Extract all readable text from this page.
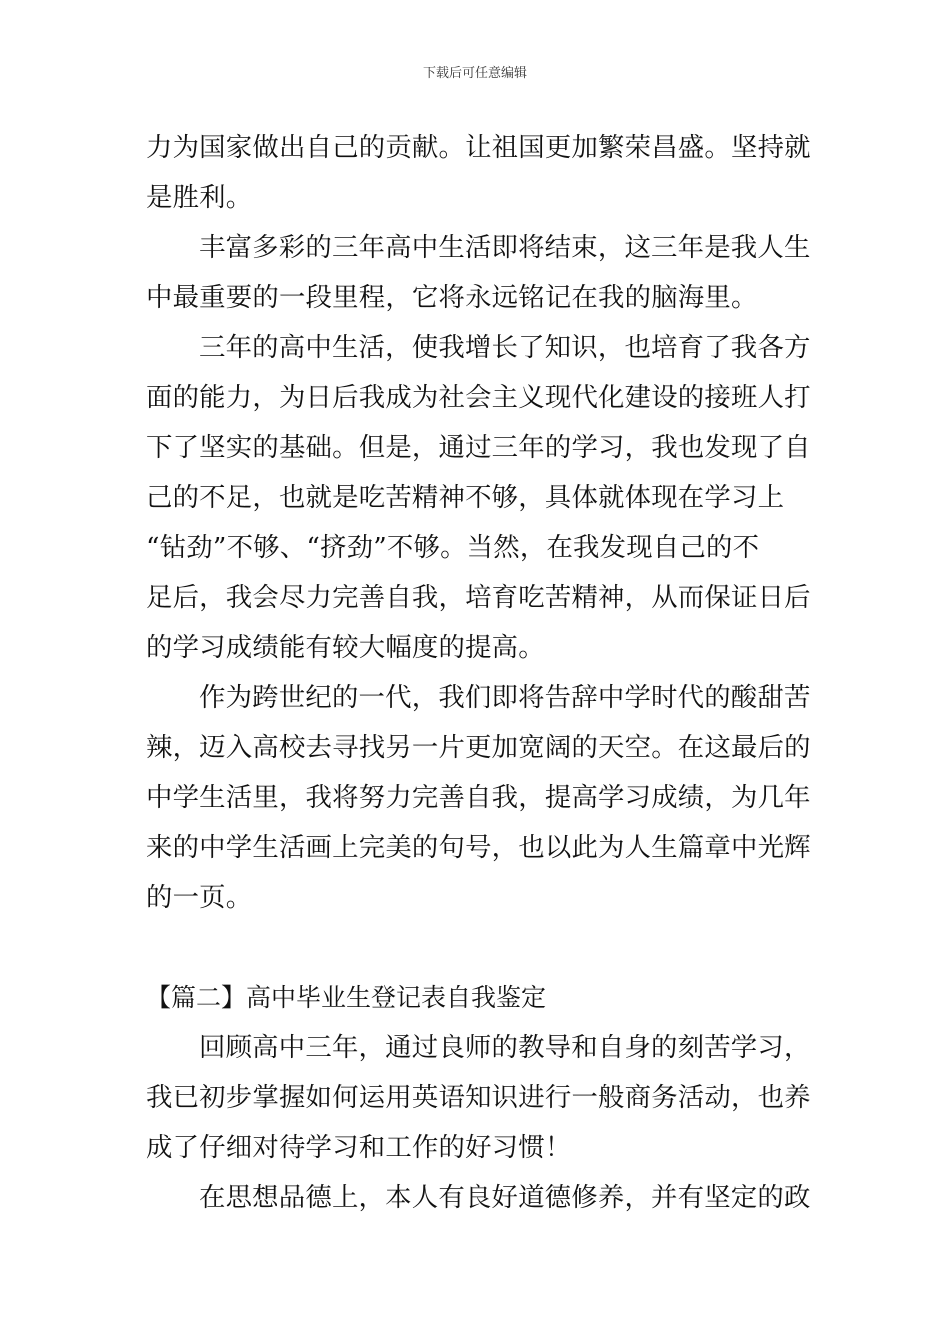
下载后可任意编辑

力为国家做出自己的贡献。让祖国更加繁荣昌盛。坚持就
是胜利。

丰富多彩的三年高中生活即将结束，这三年是我人生
中最重要的一段里程，它将永远铭记在我的脑海里。

三年的高中生活，使我增长了知识，也培育了我各方
面的能力，为日后我成为社会主义现代化建设的接班人打
下了坚实的基础。但是，通过三年的学习，我也发现了自
己的不足，也就是吃苦精神不够，具体就体现在学习上
“钻劲”不够、“挤劲”不够。当然，在我发现自己的不
足后，我会尽力完善自我，培育吃苦精神，从而保证日后
的学习成绩能有较大幅度的提高。

作为跨世纪的一代，我们即将告辞中学时代的酸甜苦
辣，迈入高校去寻找另一片更加宽阔的天空。在这最后的
中学生活里，我将努力完善自我，提高学习成绩，为几年
来的中学生活画上完美的句号，也以此为人生篇章中光辉
的一页。

【篇二】高中毕业生登记表自我鉴定

回顾高中三年，通过良师的教导和自身的刻苦学习，
我已初步掌握如何运用英语知识进行一般商务活动，也养
成了仔细对待学习和工作的好习惯！

在思想品德上，本人有良好道德修养，并有坚定的政
